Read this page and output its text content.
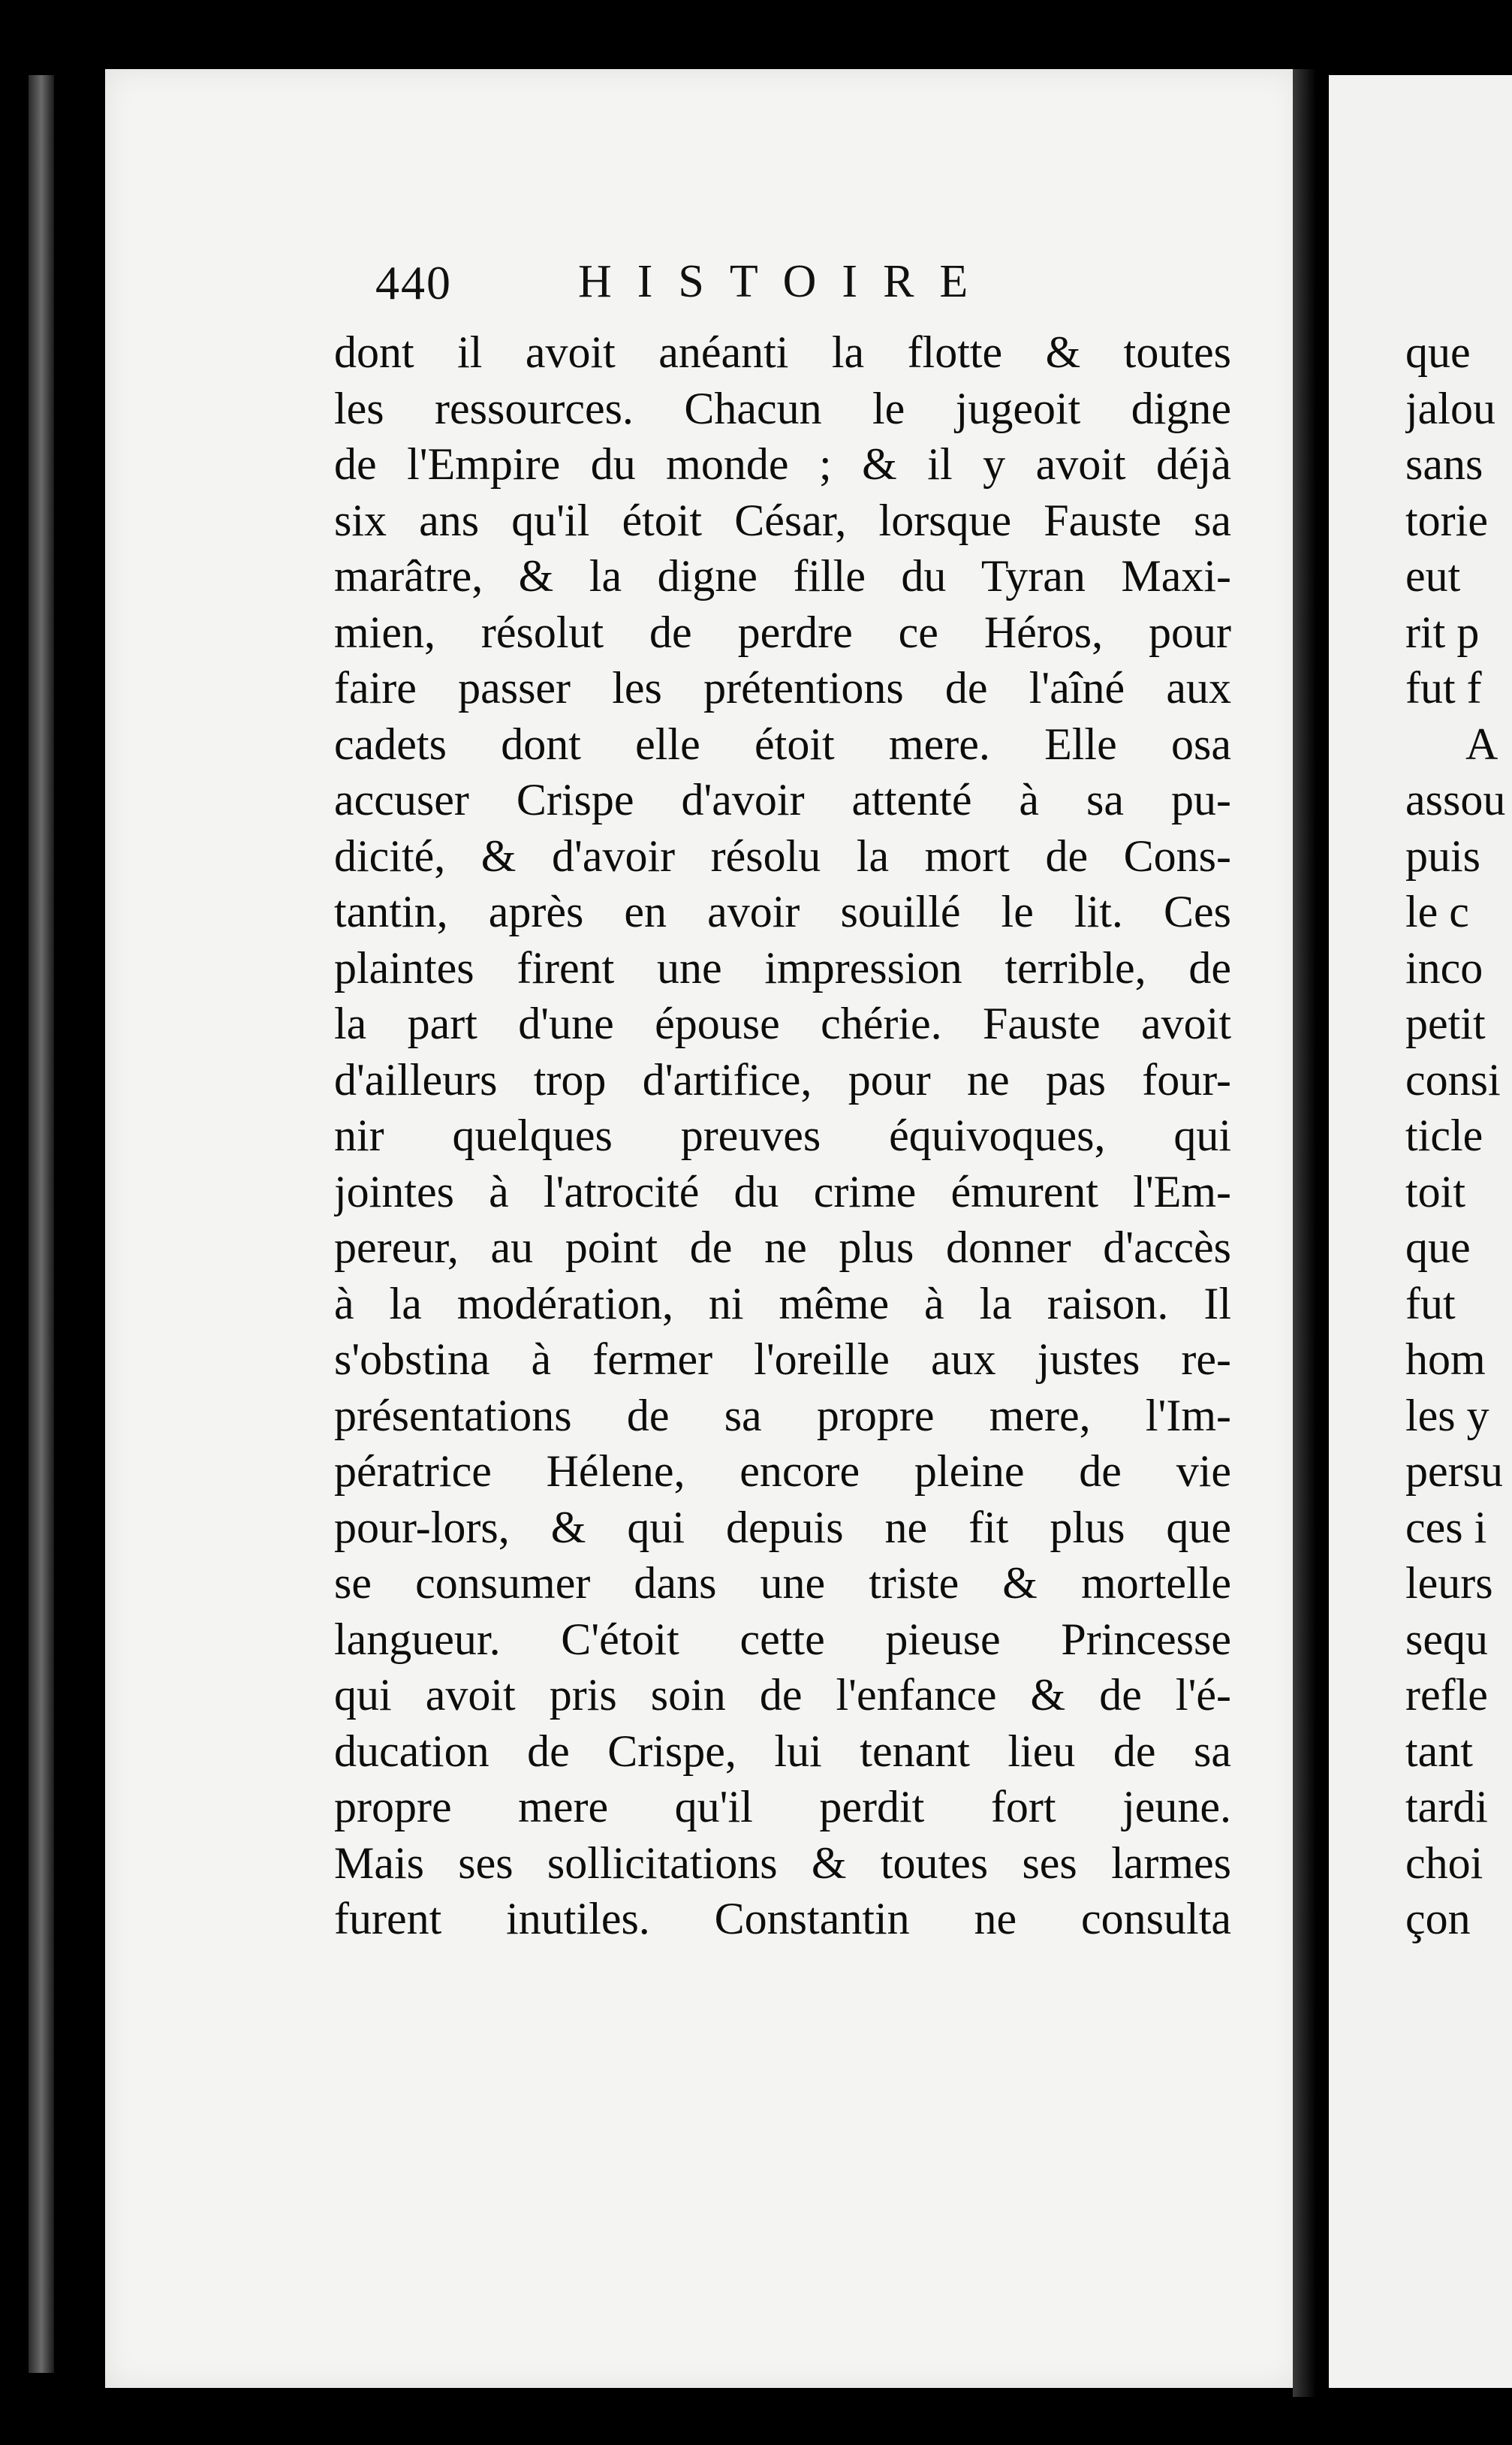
440	HISTOIRE
dont il avoit anéanti la flotte & toutes
les ressources. Chacun le jugeoit digne
de l'Empire du monde ; & il y avoit déjà
six ans qu'il étoit César, lorsque Fauste sa
marâtre, & la digne fille du Tyran Maxi-
mien, résolut de perdre ce Héros, pour
faire passer les prétentions de l'aîné aux
cadets dont elle étoit mere. Elle osa
accuser Crispe d'avoir attenté à sa pu-
dicité, & d'avoir résolu la mort de Cons-
tantin, après en avoir souillé le lit. Ces
plaintes firent une impression terrible, de
la part d'une épouse chérie. Fauste avoit
d'ailleurs trop d'artifice, pour ne pas four-
nir quelques preuves équivoques, qui
jointes à l'atrocité du crime émurent l'Em-
pereur, au point de ne plus donner d'accès
à la modération, ni même à la raison. Il
s'obstina à fermer l'oreille aux justes re-
présentations de sa propre mere, l'Im-
pératrice Hélene, encore pleine de vie
pour-lors, & qui depuis ne fit plus que
se consumer dans une triste & mortelle
langueur. C'étoit cette pieuse Princesse
qui avoit pris soin de l'enfance & de l'é-
ducation de Crispe, lui tenant lieu de sa
propre mere qu'il perdit fort jeune.
Mais ses sollicitations & toutes ses larmes
furent inutiles. Constantin ne consulta
que
jalou
sans
torie
eut
rit p
fut f
A
assou
puis
le c
inco
petit
consi
ticle
toit
que
fut
hom
les y
persu
ces i
leurs
sequ
refle
tant
tardi
choi
çon
